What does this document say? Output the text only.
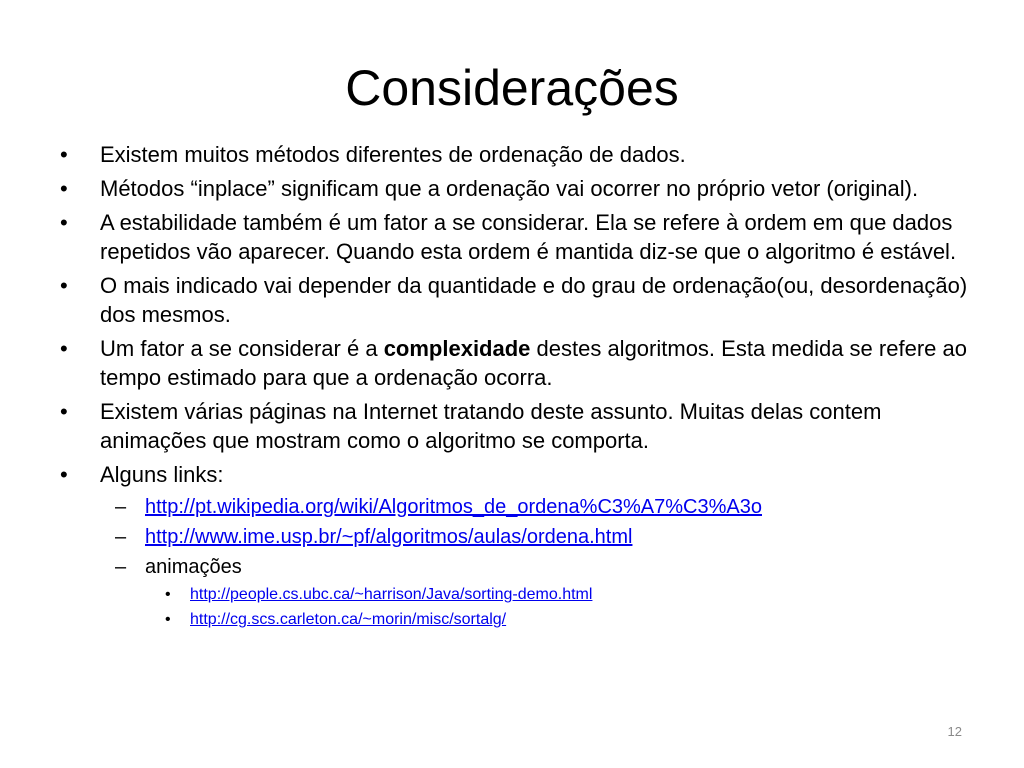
Considerações
• Existem muitos métodos diferentes de ordenação de dados.
• Métodos “inplace” significam que a ordenação vai ocorrer no próprio vetor (original).
• A estabilidade também é um fator a se considerar. Ela se refere à ordem em que dados repetidos vão aparecer. Quando esta ordem é mantida diz-se que o algoritmo é estável.
• O mais indicado vai depender da quantidade e do grau de ordenação(ou, desordenação) dos mesmos.
• Um fator a se considerar é a complexidade destes algoritmos. Esta medida se refere ao tempo estimado para que a ordenação ocorra.
• Existem várias páginas na Internet tratando deste assunto. Muitas delas contem animações que mostram como o algoritmo se comporta.
• Alguns links:
– http://pt.wikipedia.org/wiki/Algoritmos_de_ordena%C3%A7%C3%A3o
– http://www.ime.usp.br/~pf/algoritmos/aulas/ordena.html
– animações
• http://people.cs.ubc.ca/~harrison/Java/sorting-demo.html
• http://cg.scs.carleton.ca/~morin/misc/sortalg/
12
